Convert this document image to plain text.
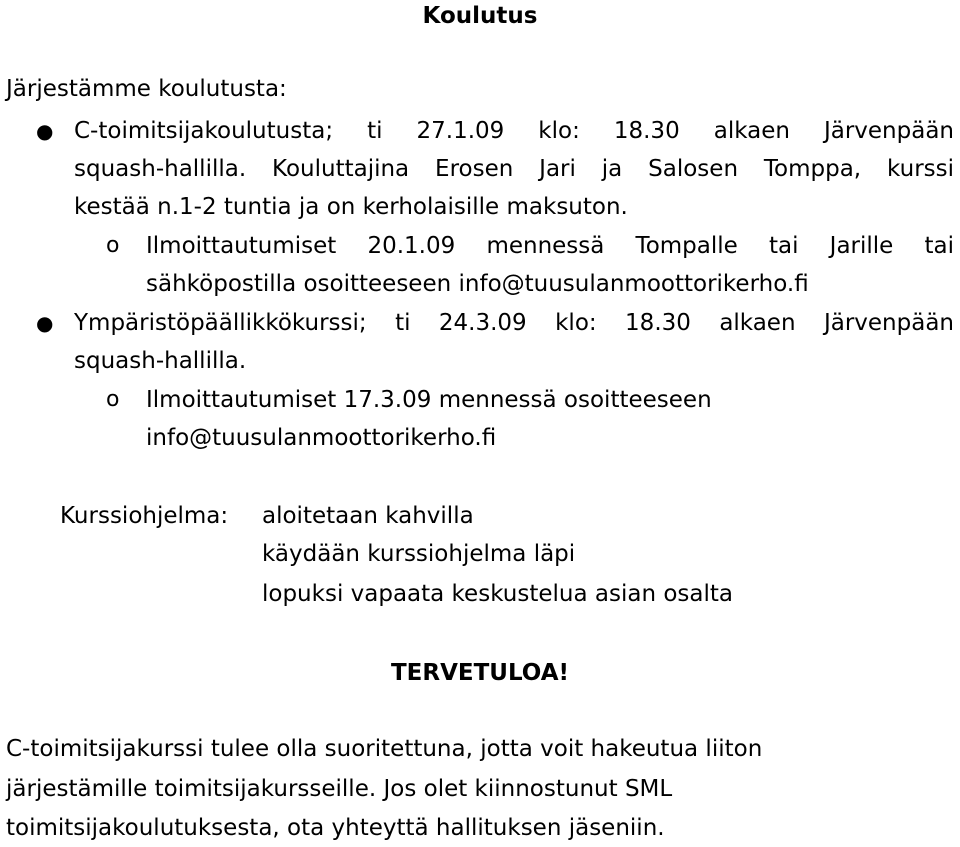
Koulutus

Järjestämme koulutusta:

● C-toimitsijakoulutusta; ti 27.1.09 klo: 18.30 alkaen Järvenpään

squash-hallilla. Kouluttajina Erosen Jari ja Salosen Tomppa, kurssi

kestää n.1-2 tuntia ja on kerholaisille maksuton.

o Ilmoittautumiset 20.1.09 mennessä Tompalle tai Jarille tai

sähköpostilla osoitteeseen info@tuusulanmoottorikerho.fi

● Ympäristöpäällikkökurssi; ti 24.3.09 klo: 18.30 alkaen Järvenpään

squash-hallilla.

o Ilmoittautumiset 17.3.09 mennessä osoitteeseen

info@tuusulanmoottorikerho.fi

Kurssiohjelma: aloitetaan kahvilla

käydään kurssiohjelma läpi

lopuksi vapaata keskustelua asian osalta

TERVETULOA!

C-toimitsijakurssi tulee olla suoritettuna, jotta voit hakeutua liiton

järjestämille toimitsijakursseille. Jos olet kiinnostunut SML

toimitsijakoulutuksesta, ota yhteyttä hallituksen jäseniin.
